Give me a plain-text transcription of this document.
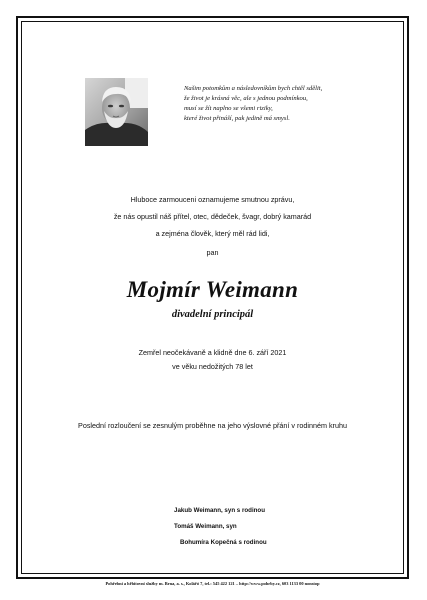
Našim potomkům a následovníkům bych chtěl sdělit,
že život je krásná věc, ale s jednou podmínkou,
musí se žít naplno se všemi riziky,
které život přináší, pak jedině má smysl.

Hluboce zarmouceni oznamujeme smutnou zprávu,
že nás opustil náš přítel, otec, dědeček, švagr, dobrý kamarád
a zejména člověk, který měl rád lidi,
pan
Mojmír Weimann
divadelní principál
Zemřel neočekávaně a klidně dne 6. září 2021
ve věku nedožitých 78 let
Poslední rozloučení se zesnulým proběhne na jeho výslovné přání v rodinném kruhu

Jakub Weimann, syn s rodinou
Tomáš Weimann, syn
Bohumíra Kopečná s rodinou

Pohřební a hřbitovní služby m. Brna, a. s., Kolářó 7, tel.: 545 422 121 – http://www.pohrby.cz, 603 1133 00 nonstop
